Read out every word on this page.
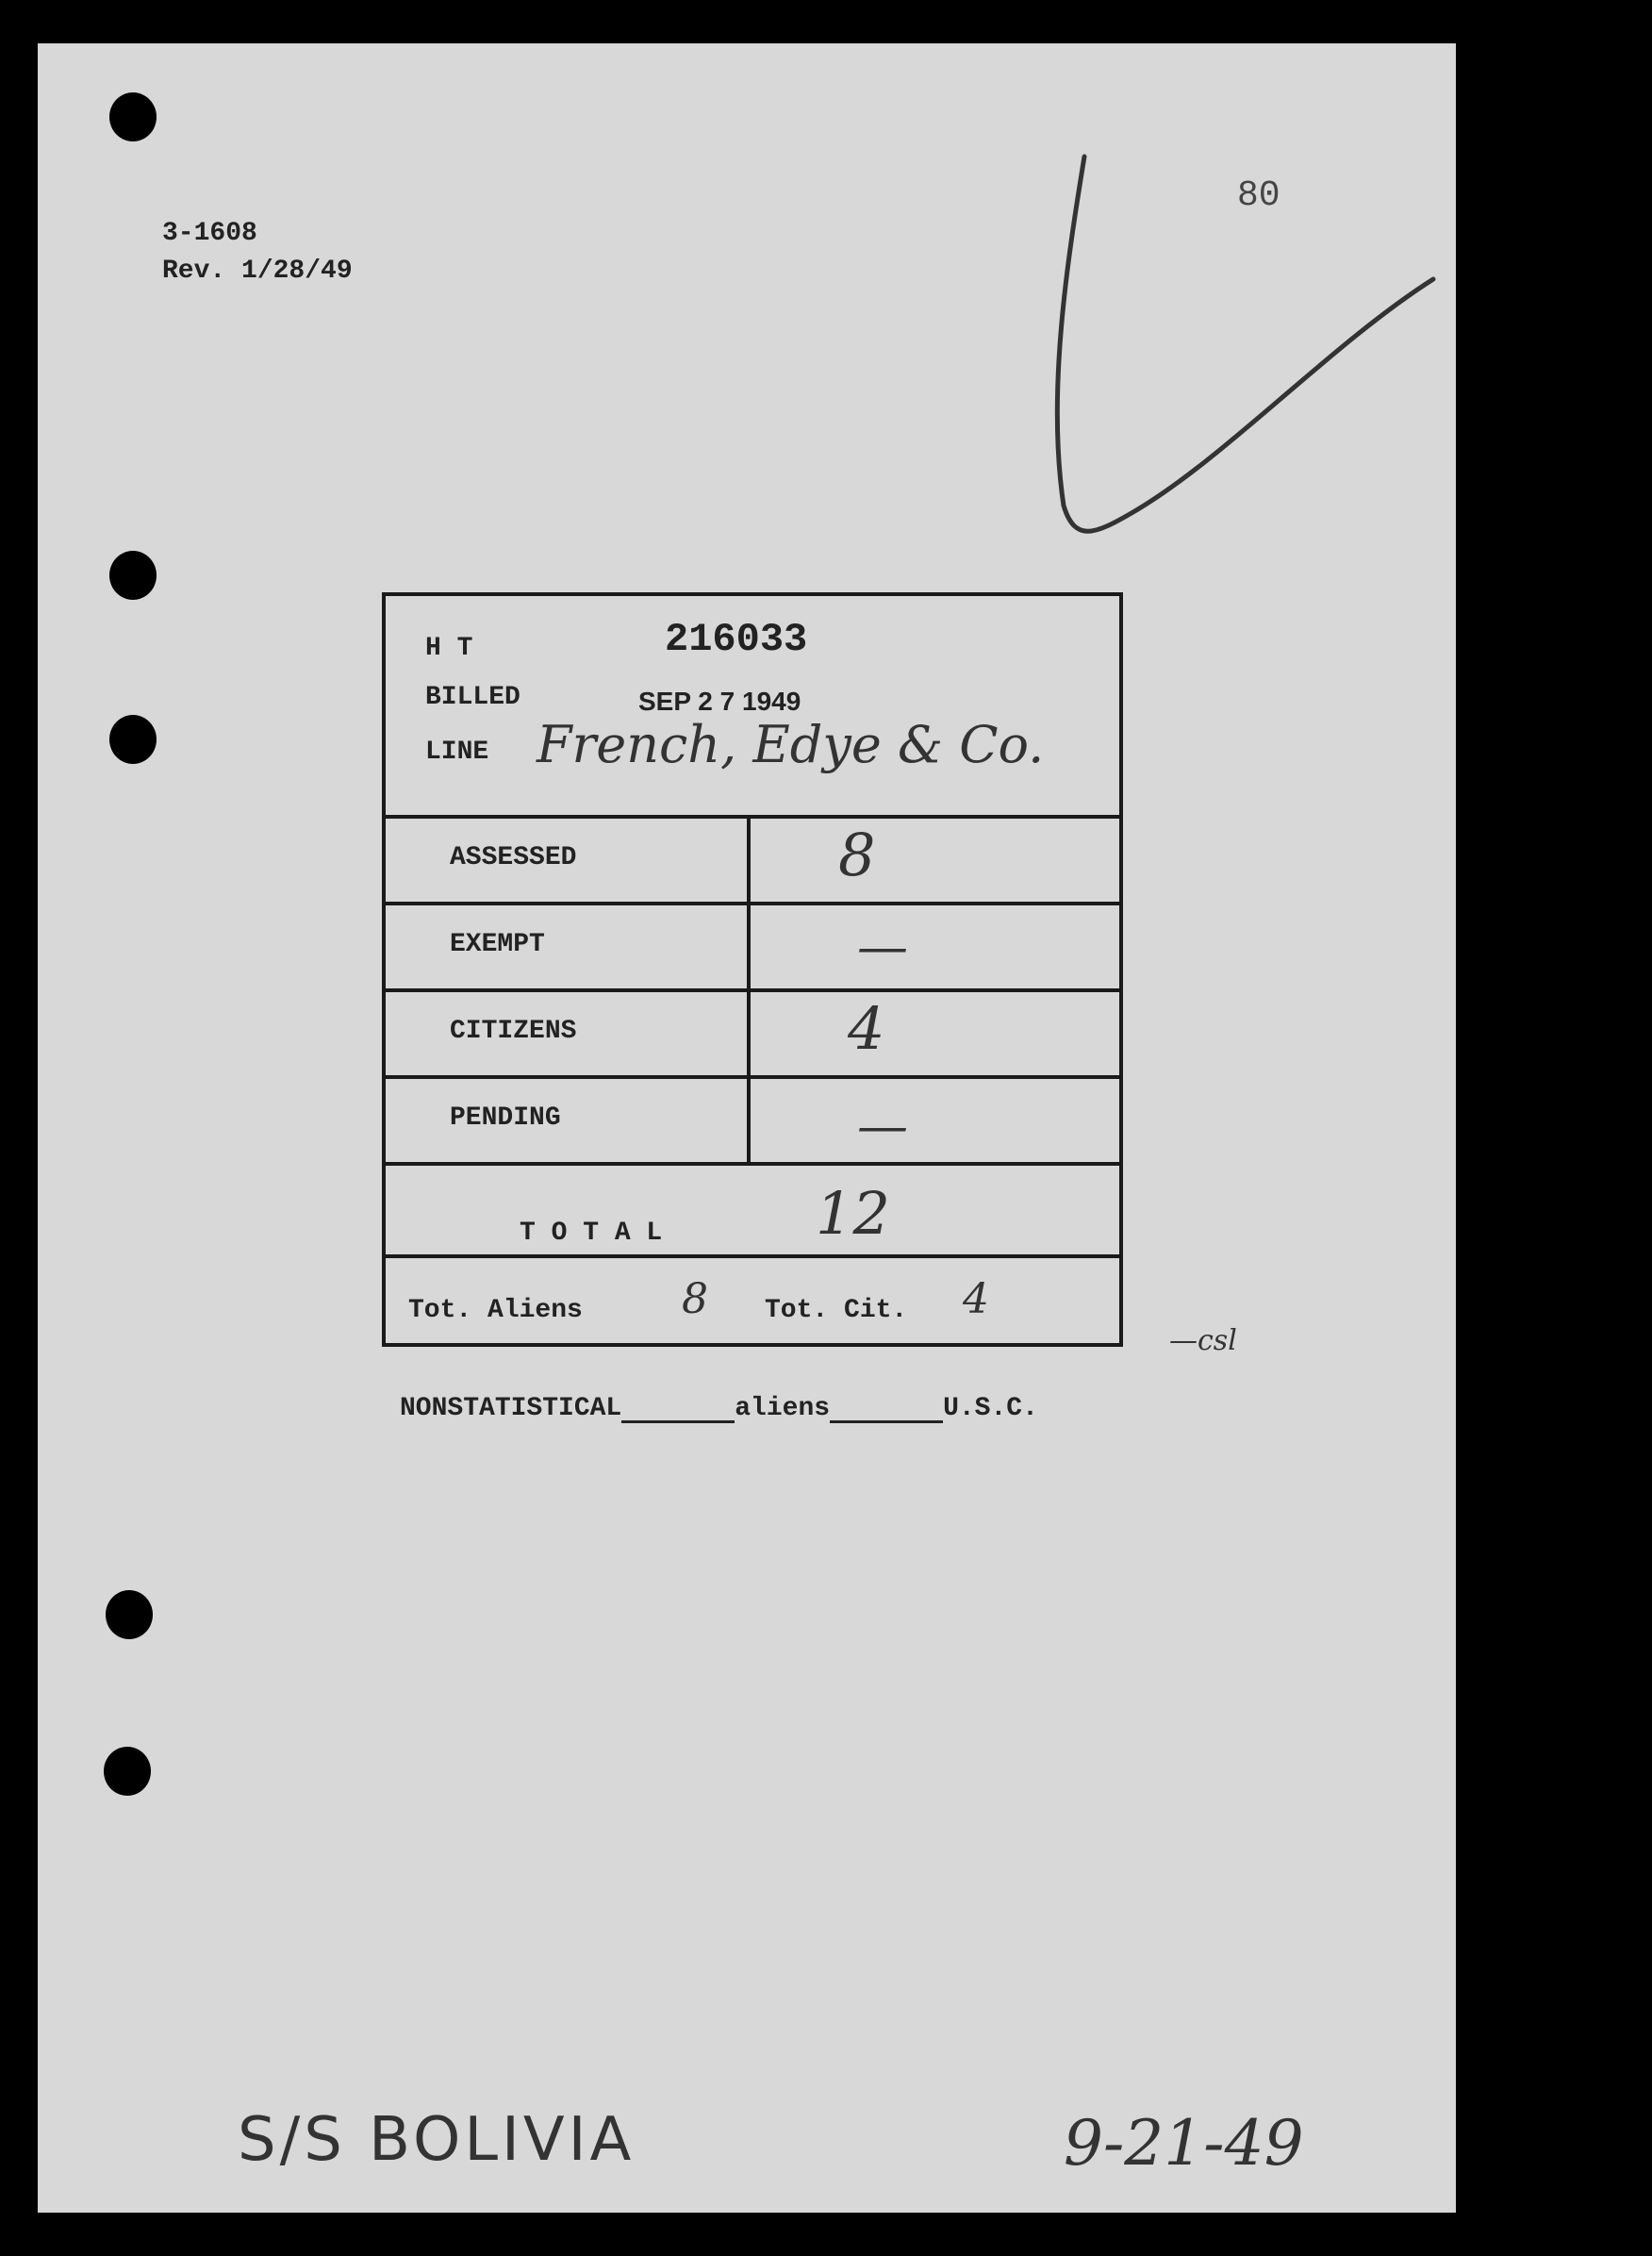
3-1608
Rev. 1/28/49
80
H T	216033
BILLED	SEP 2 7 1949
LINE French, Edye & Co.
ASSESSED	8
EXEMPT	—
CITIZENS	4
PENDING	—
T O T A L	12
Tot. Aliens 8 Tot. Cit. 4
—csl
NONSTATISTICAL	aliens	U.S.C.
S/S BOLIVIA	9-21-49
